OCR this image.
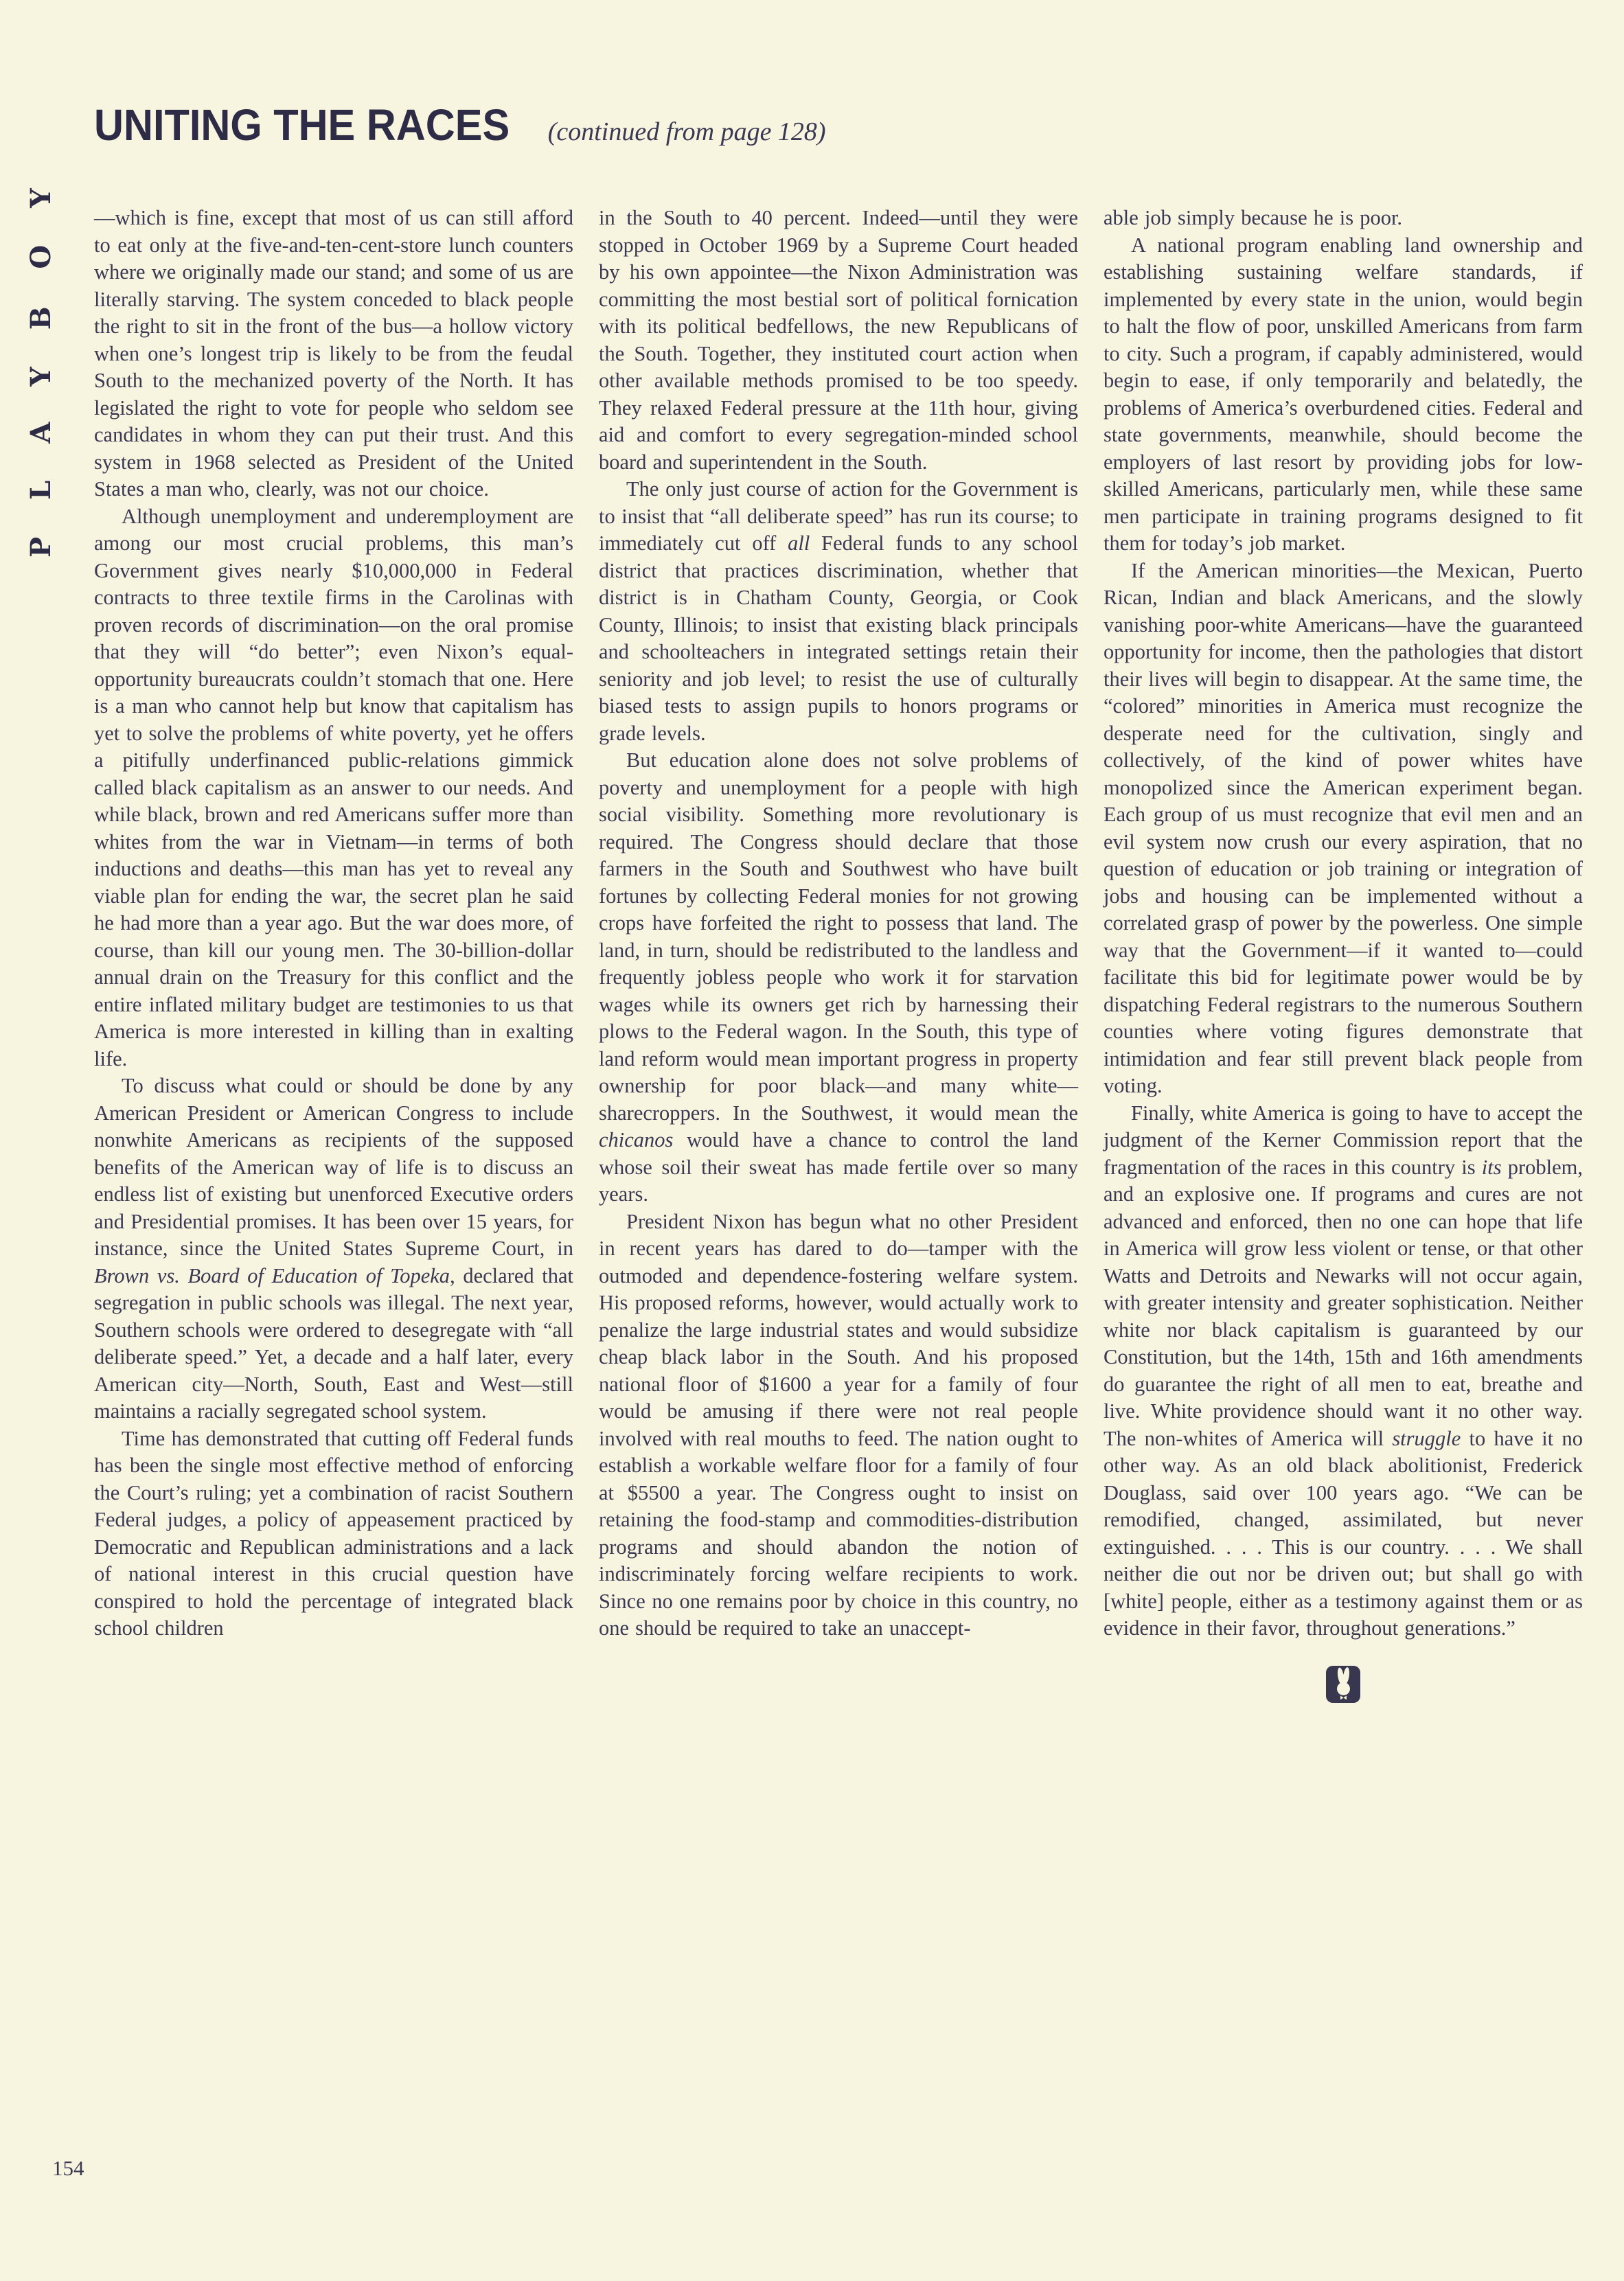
PLAYBOY
UNITING THE RACES (continued from page 128)

—which is fine, except that most of us can still afford to eat only at the five-and-ten-cent-store lunch counters where we originally made our stand; and some of us are literally starving. The system conceded to black people the right to sit in the front of the bus—a hollow victory when one’s longest trip is likely to be from the feudal South to the mechanized poverty of the North. It has legislated the right to vote for people who seldom see candidates in whom they can put their trust. And this system in 1968 selected as President of the United States a man who, clearly, was not our choice.

Although unemployment and underemployment are among our most crucial problems, this man’s Government gives nearly $10,000,000 in Federal contracts to three textile firms in the Carolinas with proven records of discrimination—on the oral promise that they will “do better”; even Nixon’s equal-opportunity bureaucrats couldn’t stomach that one. Here is a man who cannot help but know that capitalism has yet to solve the problems of white poverty, yet he offers a pitifully underfinanced public-relations gimmick called black capitalism as an answer to our needs. And while black, brown and red Americans suffer more than whites from the war in Vietnam—in terms of both inductions and deaths—this man has yet to reveal any viable plan for ending the war, the secret plan he said he had more than a year ago. But the war does more, of course, than kill our young men. The 30-billion-dollar annual drain on the Treasury for this conflict and the entire inflated military budget are testimonies to us that America is more interested in killing than in exalting life.

To discuss what could or should be done by any American President or American Congress to include nonwhite Americans as recipients of the supposed benefits of the American way of life is to discuss an endless list of existing but unenforced Executive orders and Presidential promises. It has been over 15 years, for instance, since the United States Supreme Court, in Brown vs. Board of Education of Topeka, declared that segregation in public schools was illegal. The next year, Southern schools were ordered to desegregate with “all deliberate speed.” Yet, a decade and a half later, every American city—North, South, East and West—still maintains a racially segregated school system.

Time has demonstrated that cutting off Federal funds has been the single most effective method of enforcing the Court’s ruling; yet a combination of racist Southern Federal judges, a policy of appeasement practiced by Democratic and Republican administrations and a lack of national interest in this crucial question have conspired to hold the percentage of integrated black school children

in the South to 40 percent. Indeed—until they were stopped in October 1969 by a Supreme Court headed by his own appointee—the Nixon Administration was committing the most bestial sort of political fornication with its political bedfellows, the new Republicans of the South. Together, they instituted court action when other available methods promised to be too speedy. They relaxed Federal pressure at the 11th hour, giving aid and comfort to every segregation-minded school board and superintendent in the South.

The only just course of action for the Government is to insist that “all deliberate speed” has run its course; to immediately cut off all Federal funds to any school district that practices discrimination, whether that district is in Chatham County, Georgia, or Cook County, Illinois; to insist that existing black principals and schoolteachers in integrated settings retain their seniority and job level; to resist the use of culturally biased tests to assign pupils to honors programs or grade levels.

But education alone does not solve problems of poverty and unemployment for a people with high social visibility. Something more revolutionary is required. The Congress should declare that those farmers in the South and Southwest who have built fortunes by collecting Federal monies for not growing crops have forfeited the right to possess that land. The land, in turn, should be redistributed to the landless and frequently jobless people who work it for starvation wages while its owners get rich by harnessing their plows to the Federal wagon. In the South, this type of land reform would mean important progress in property ownership for poor black—and many white—sharecroppers. In the Southwest, it would mean the chicanos would have a chance to control the land whose soil their sweat has made fertile over so many years.

President Nixon has begun what no other President in recent years has dared to do—tamper with the outmoded and dependence-fostering welfare system. His proposed reforms, however, would actually work to penalize the large industrial states and would subsidize cheap black labor in the South. And his proposed national floor of $1600 a year for a family of four would be amusing if there were not real people involved with real mouths to feed. The nation ought to establish a workable welfare floor for a family of four at $5500 a year. The Congress ought to insist on retaining the food-stamp and commodities-distribution programs and should abandon the notion of indiscriminately forcing welfare recipients to work. Since no one remains poor by choice in this country, no one should be required to take an unaccept-

able job simply because he is poor.

A national program enabling land ownership and establishing sustaining welfare standards, if implemented by every state in the union, would begin to halt the flow of poor, unskilled Americans from farm to city. Such a program, if capably administered, would begin to ease, if only temporarily and belatedly, the problems of America’s overburdened cities. Federal and state governments, meanwhile, should become the employers of last resort by providing jobs for low-skilled Americans, particularly men, while these same men participate in training programs designed to fit them for today’s job market.

If the American minorities—the Mexican, Puerto Rican, Indian and black Americans, and the slowly vanishing poor-white Americans—have the guaranteed opportunity for income, then the pathologies that distort their lives will begin to disappear. At the same time, the “colored” minorities in America must recognize the desperate need for the cultivation, singly and collectively, of the kind of power whites have monopolized since the American experiment began. Each group of us must recognize that evil men and an evil system now crush our every aspiration, that no question of education or job training or integration of jobs and housing can be implemented without a correlated grasp of power by the powerless. One simple way that the Government—if it wanted to—could facilitate this bid for legitimate power would be by dispatching Federal registrars to the numerous Southern counties where voting figures demonstrate that intimidation and fear still prevent black people from voting.

Finally, white America is going to have to accept the judgment of the Kerner Commission report that the fragmentation of the races in this country is its problem, and an explosive one. If programs and cures are not advanced and enforced, then no one can hope that life in America will grow less violent or tense, or that other Watts and Detroits and Newarks will not occur again, with greater intensity and greater sophistication. Neither white nor black capitalism is guaranteed by our Constitution, but the 14th, 15th and 16th amendments do guarantee the right of all men to eat, breathe and live. White providence should want it no other way. The non-whites of America will struggle to have it no other way. As an old black abolitionist, Frederick Douglass, said over 100 years ago. “We can be remodified, changed, assimilated, but never extinguished. . . . This is our country. . . . We shall neither die out nor be driven out; but shall go with [white] people, either as a testimony against them or as evidence in their favor, throughout generations.”

154
